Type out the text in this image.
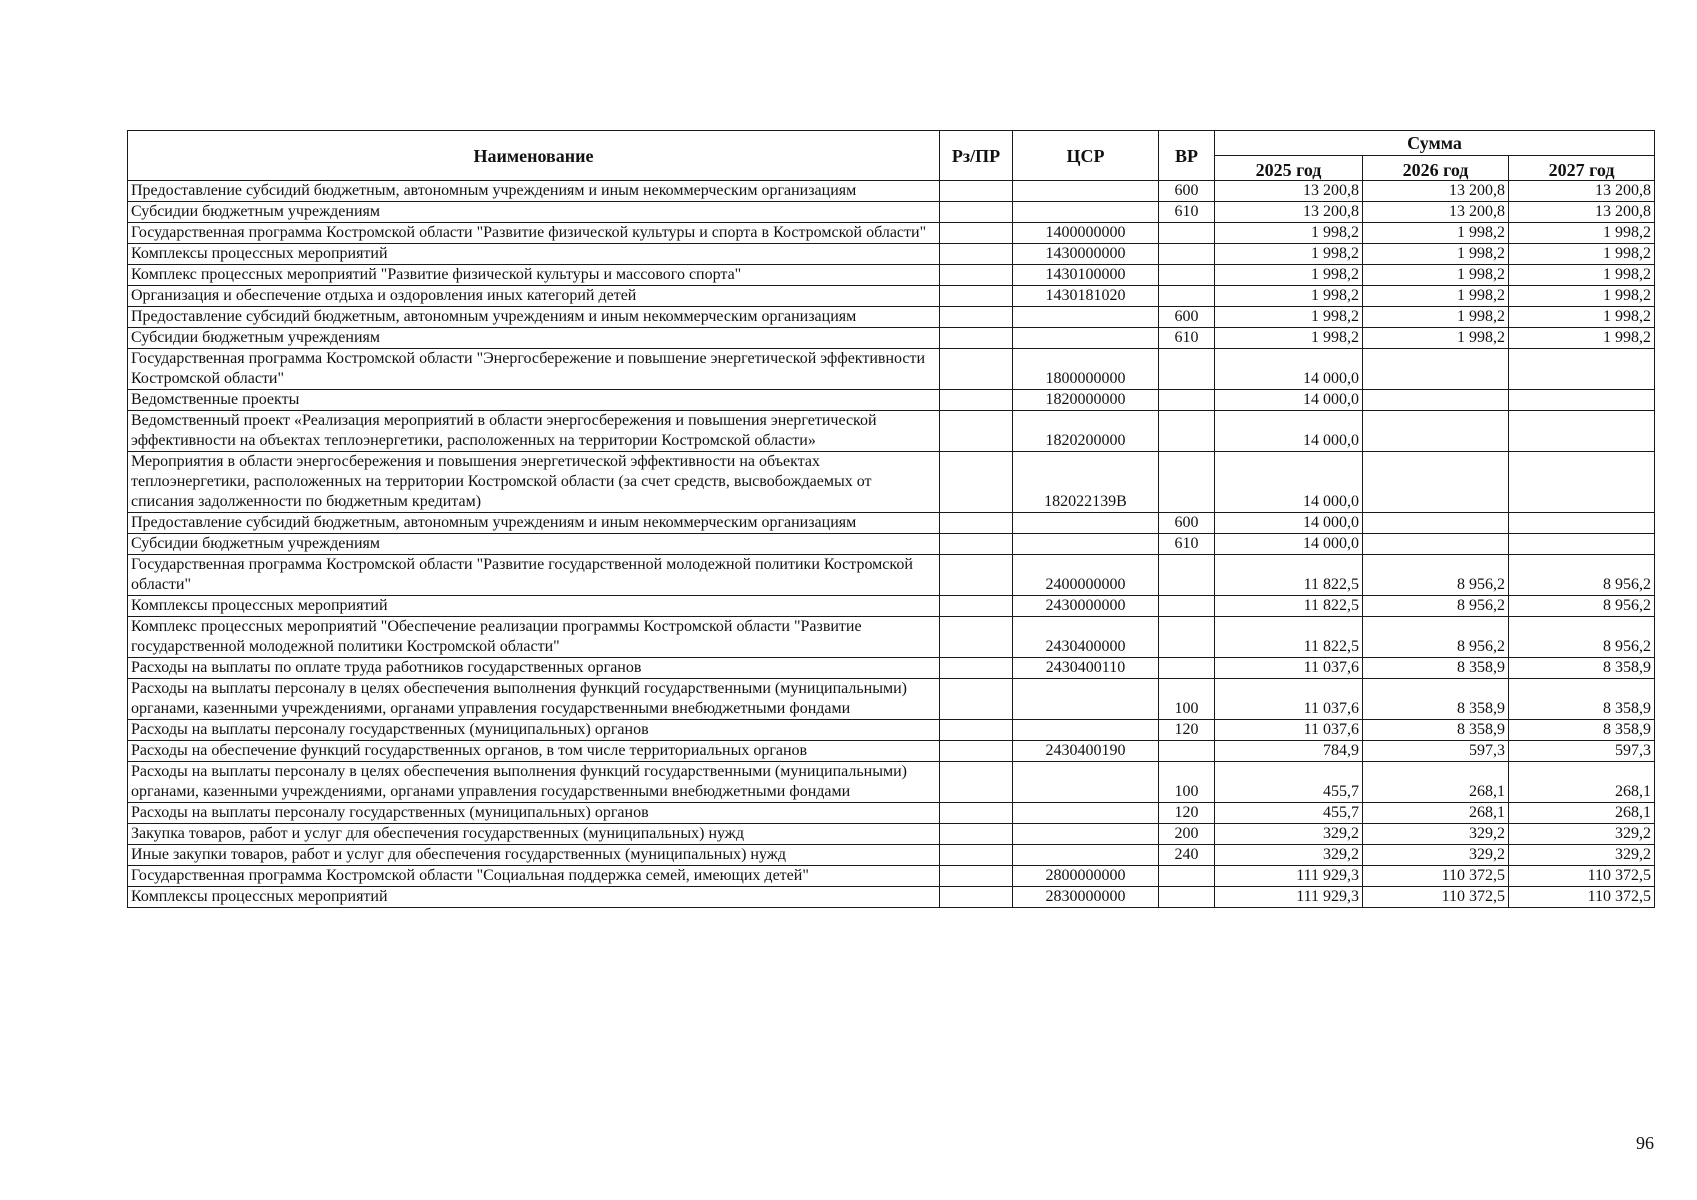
Наименование	Рз/ПР	ЦСР	ВР	Сумма		
				2025 год	2026 год	2027 год
Предоставление субсидий бюджетным, автономным учреждениям и иным некоммерческим организациям			600	13 200,8	13 200,8	13 200,8
Субсидии бюджетным учреждениям			610	13 200,8	13 200,8	13 200,8
Государственная программа Костромской области "Развитие физической культуры и спорта в Костромской области"		1400000000		1 998,2	1 998,2	1 998,2
Комплексы процессных мероприятий		1430000000		1 998,2	1 998,2	1 998,2
Комплекс процессных мероприятий "Развитие физической культуры и массового спорта"		1430100000		1 998,2	1 998,2	1 998,2
Организация и обеспечение отдыха и оздоровления иных категорий детей		1430181020		1 998,2	1 998,2	1 998,2
Предоставление субсидий бюджетным, автономным учреждениям и иным некоммерческим организациям			600	1 998,2	1 998,2	1 998,2
Субсидии бюджетным учреждениям			610	1 998,2	1 998,2	1 998,2
Государственная программа Костромской области "Энергосбережение и повышение энергетической эффективности Костромской области"		1800000000		14 000,0		
Ведомственные проекты		1820000000		14 000,0		
Ведомственный проект «Реализация мероприятий в области энергосбережения и повышения энергетической эффективности на объектах теплоэнергетики, расположенных на территории Костромской области»		1820200000		14 000,0		
Мероприятия в области энергосбережения и повышения энергетической эффективности на объектах теплоэнергетики, расположенных на территории Костромской области (за счет средств, высвобождаемых от списания задолженности по бюджетным кредитам)		182022139В		14 000,0		
Предоставление субсидий бюджетным, автономным учреждениям и иным некоммерческим организациям			600	14 000,0		
Субсидии бюджетным учреждениям			610	14 000,0		
Государственная программа Костромской области "Развитие государственной молодежной политики Костромской области"		2400000000		11 822,5	8 956,2	8 956,2
Комплексы процессных мероприятий		2430000000		11 822,5	8 956,2	8 956,2
Комплекс процессных мероприятий "Обеспечение реализации программы Костромской области "Развитие государственной молодежной политики Костромской области"		2430400000		11 822,5	8 956,2	8 956,2
Расходы на выплаты по оплате труда работников государственных органов		2430400110		11 037,6	8 358,9	8 358,9
Расходы на выплаты персоналу в целях обеспечения выполнения функций государственными (муниципальными) органами, казенными учреждениями, органами управления государственными внебюджетными фондами			100	11 037,6	8 358,9	8 358,9
Расходы на выплаты персоналу государственных (муниципальных) органов			120	11 037,6	8 358,9	8 358,9
Расходы на обеспечение функций государственных органов, в том числе территориальных органов		2430400190		784,9	597,3	597,3
Расходы на выплаты персоналу в целях обеспечения выполнения функций государственными (муниципальными) органами, казенными учреждениями, органами управления государственными внебюджетными фондами			100	455,7	268,1	268,1
Расходы на выплаты персоналу государственных (муниципальных) органов			120	455,7	268,1	268,1
Закупка товаров, работ и услуг для обеспечения государственных (муниципальных) нужд			200	329,2	329,2	329,2
Иные закупки товаров, работ и услуг для обеспечения государственных (муниципальных) нужд			240	329,2	329,2	329,2
Государственная программа Костромской области "Социальная поддержка семей, имеющих детей"		2800000000		111 929,3	110 372,5	110 372,5
Комплексы процессных мероприятий		2830000000		111 929,3	110 372,5	110 372,5
96
